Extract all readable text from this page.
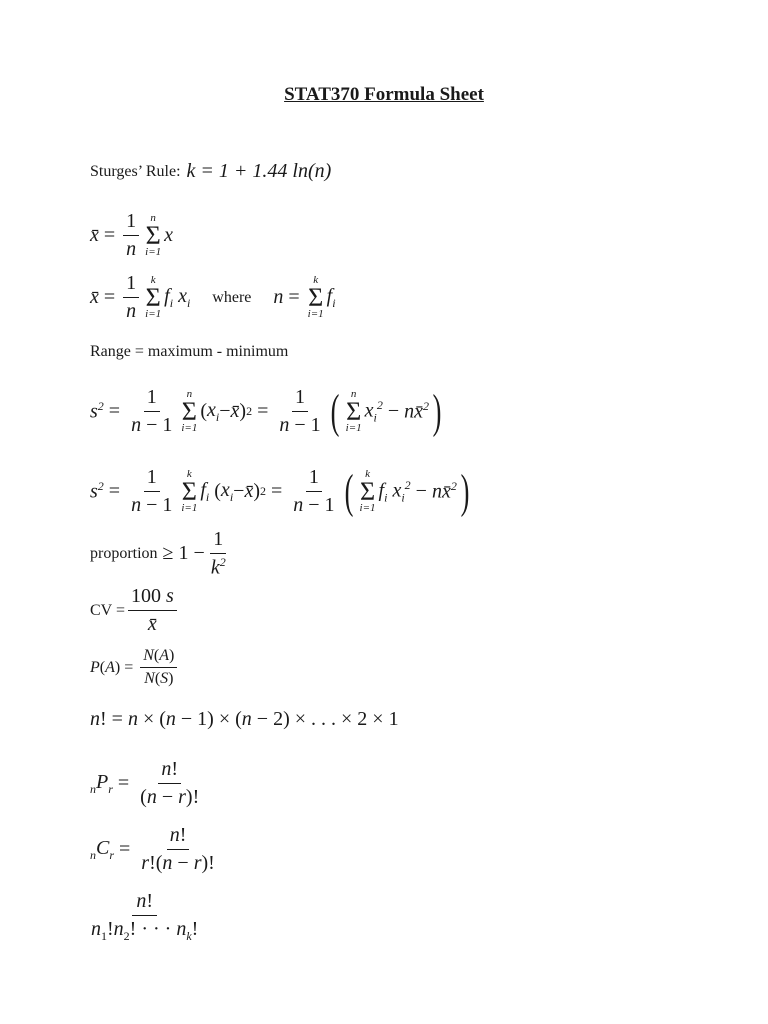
STAT370 Formula Sheet
Sturges’ Rule: k = 1 + 1.44 ln(n)
x̄ = $\frac{1}{n}$ n
Σ
i=1
x
x̄ = $\frac{1}{n}$ k
Σ
i=1
$f_i$ $x_i$ where n =
k
Σ
i=1
$f_i$
Range = maximum - minimum
$s^2 = \frac{1}{n - 1}$ n
Σ
i=1
( $x_i$ − x̄ ) $2 = \frac{1}{n - 1}$ ( n
Σ
i=1
$x_i^2$ − nx̄$^2$ )
$s^2 = \frac{1}{n - 1}$ k
Σ
i=1
$f_i$ ( $x_i$ − x̄ ) $2 = \frac{1}{n - 1}$ ( k
Σ
i=1
$f_i$ $x_i^2$ − nx̄$^2$ )
proportion ≥ $1 - \frac{1}{k^2}$
CV = $\frac{100 s}{x̄}$
P ( A ) = $\frac{N(A)}{N(S)}$
n! = n × (n − 1) × (n − 2) × . . . × 2 × 1
$_nP_r = \frac{n!}{(n - r)!}$
$_nC_r = \frac{n!}{r!(n - r)!}$
$\frac{n!}{n_1!n_2! \cdot \cdot \cdot n_k!}$
